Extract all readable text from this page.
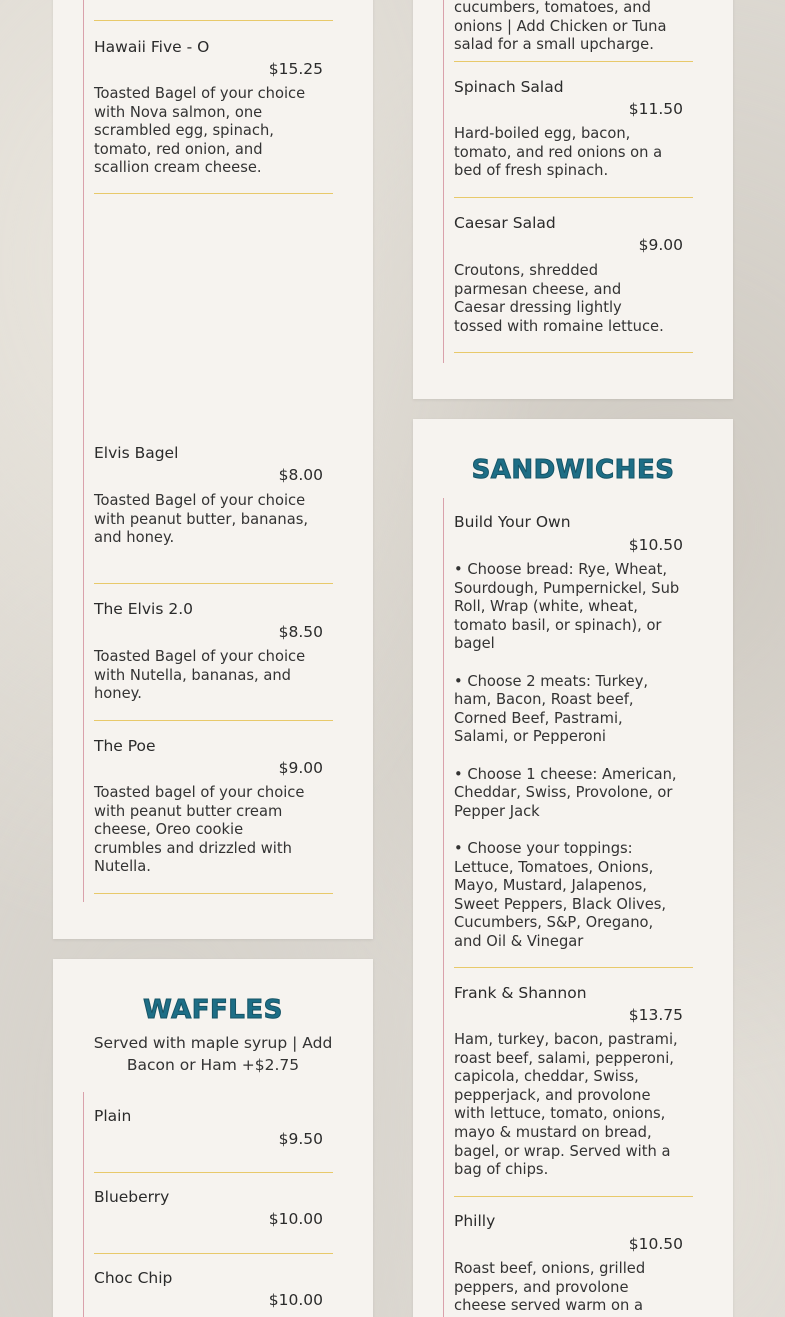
Hawaii Five - O
$15.25
Toasted Bagel of your choice
with Nova salmon, one
scrambled egg, spinach,
tomato, red onion, and
scallion cream cheese.
Elvis Bagel
$8.00
Toasted Bagel of your choice
with peanut butter, bananas,
and honey.
The Elvis 2.0
$8.50
Toasted Bagel of your choice
with Nutella, bananas, and
honey.
The Poe
$9.00
Toasted bagel of your choice
with peanut butter cream
cheese, Oreo cookie
crumbles and drizzled with
Nutella.
cucumbers, tomatoes, and
onions | Add Chicken or Tuna
salad for a small upcharge.
Spinach Salad
$11.50
Hard-boiled egg, bacon,
tomato, and red onions on a
bed of fresh spinach.
Caesar Salad
$9.00
Croutons, shredded
parmesan cheese, and
Caesar dressing lightly
tossed with romaine lettuce.
WAFFLES
Served with maple syrup | Add
Bacon or Ham +$2.75
Plain
$9.50
Blueberry
$10.00
Choc Chip
$10.00
SANDWICHES
Build Your Own
$10.50
• Choose bread: Rye, Wheat,
Sourdough, Pumpernickel, Sub
Roll, Wrap (white, wheat,
tomato basil, or spinach), or
bagel

• Choose 2 meats: Turkey,
ham, Bacon, Roast beef,
Corned Beef, Pastrami,
Salami, or Pepperoni

• Choose 1 cheese: American,
Cheddar, Swiss, Provolone, or
Pepper Jack

• Choose your toppings:
Lettuce, Tomatoes, Onions,
Mayo, Mustard, Jalapenos,
Sweet Peppers, Black Olives,
Cucumbers, S&P, Oregano,
and Oil & Vinegar
Frank & Shannon
$13.75
Ham, turkey, bacon, pastrami,
roast beef, salami, pepperoni,
capicola, cheddar, Swiss,
pepperjack, and provolone
with lettuce, tomato, onions,
mayo & mustard on bread,
bagel, or wrap. Served with a
bag of chips.
Philly
$10.50
Roast beef, onions, grilled
peppers, and provolone
cheese served warm on a
